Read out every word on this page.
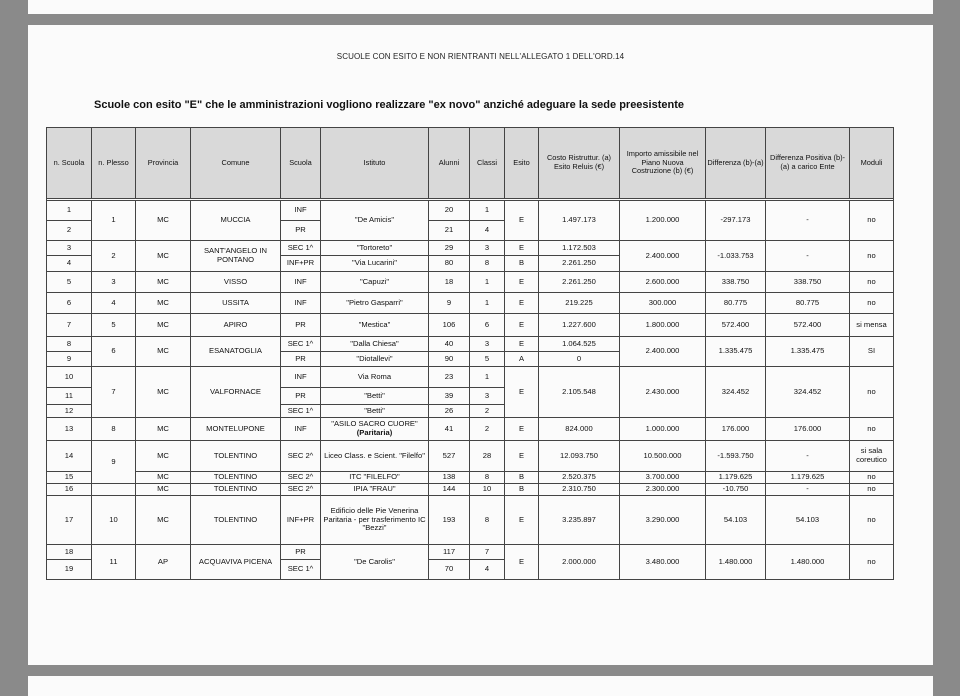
SCUOLE CON ESITO E NON RIENTRANTI NELL'ALLEGATO 1 DELL'ORD.14
Scuole con esito "E" che le amministrazioni vogliono realizzare "ex novo" anziché adeguare la sede preesistente
n. Scuola	n. Plesso	Provincia	Comune	Scuola	Istituto	Alunni	Classi	Esito	Costo Ristruttur. (a) Esito Reluis (€)	Importo amissibile nel Piano Nuova Costruzione (b) (€)	Differenza (b)-(a)	Differenza Positiva (b)-(a) a carico Ente	Moduli

1	1	MC	MUCCIA	INF	"De Amicis"	20	1	E	1.497.173	1.200.000	-297.173	-	no
2				PR		21	4						
3	2	MC	SANT'ANGELO IN PONTANO	SEC 1^	"Tortoreto"	29	3	E	1.172.503	2.400.000	-1.033.753	-	no
4				INF+PR	"Via Lucarini"	80	8	B	2.261.250				
5	3	MC	VISSO	INF	"Capuzi"	18	1	E	2.261.250	2.600.000	338.750	338.750	no
6	4	MC	USSITA	INF	"Pietro Gasparri"	9	1	E	219.225	300.000	80.775	80.775	no
7	5	MC	APIRO	PR	"Mestica"	106	6	E	1.227.600	1.800.000	572.400	572.400	si mensa
8	6	MC	ESANATOGLIA	SEC 1^	"Dalla Chiesa"	40	3	E	1.064.525	2.400.000	1.335.475	1.335.475	SI
9				PR	"Diotallevi"	90	5	A	0				
10	7	MC	VALFORNACE	INF	Via Roma	23	1	E	2.105.548	2.430.000	324.452	324.452	no
11				PR	"Betti"	39	3						
12				SEC 1^	"Betti"	26	2						
13	8	MC	MONTELUPONE	INF	"ASILO SACRO CUORE"
(Paritaria)	41	2	E	824.000	1.000.000	176.000	176.000	no
14	9	MC	TOLENTINO	SEC 2^	Liceo Class. e Scient. "Filelfo"	527	28	E	12.093.750	10.500.000	-1.593.750	-	si sala coreutico
15		MC	TOLENTINO	SEC 2^	ITC "FILELFO"	138	8	B	2.520.375	3.700.000	1.179.625	1.179.625	no
16		MC	TOLENTINO	SEC 2^	IPIA "FRAU"	144	10	B	2.310.750	2.300.000	-10.750	-	no
17	10	MC	TOLENTINO	INF+PR	Edificio delle Pie Venerina Paritaria - per trasferimento IC "Bezzi"	193	8	E	3.235.897	3.290.000	54.103	54.103	no
18	11	AP	ACQUAVIVA PICENA	PR	"De Carolis"	117	7	E	2.000.000	3.480.000	1.480.000	1.480.000	no
19				SEC 1^		70	4						
